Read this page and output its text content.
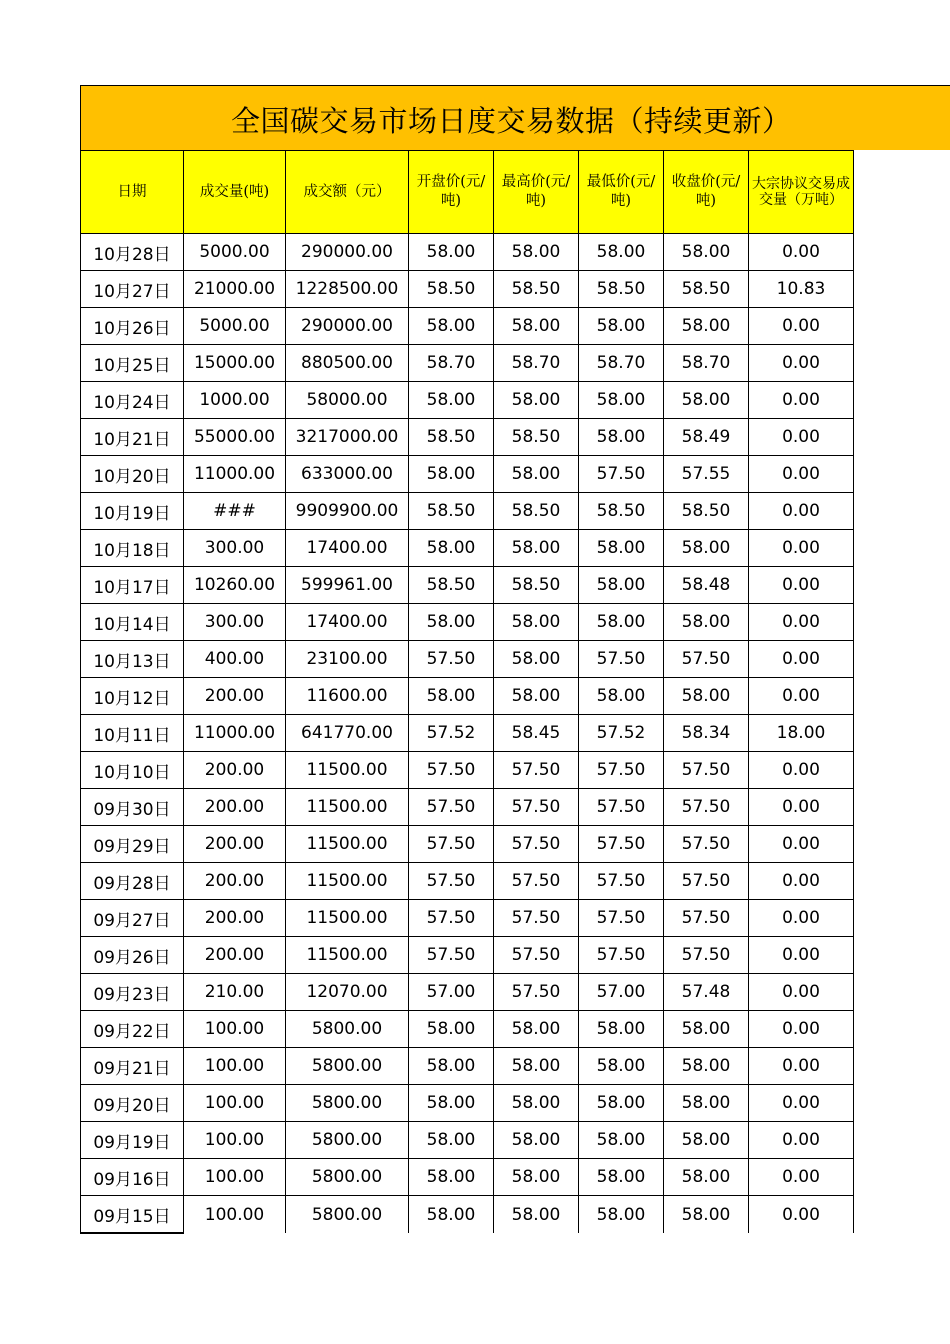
全国碳交易市场日度交易数据（持续更新）
日期	成交量(吨)	成交额（元）	开盘价(元/吨)	最高价(元/吨)	最低价(元/吨)	收盘价(元/吨)	大宗协议交易成交量（万吨）
10月28日	5000.00	290000.00	58.00	58.00	58.00	58.00	0.00
10月27日	21000.00	1228500.00	58.50	58.50	58.50	58.50	10.83
10月26日	5000.00	290000.00	58.00	58.00	58.00	58.00	0.00
10月25日	15000.00	880500.00	58.70	58.70	58.70	58.70	0.00
10月24日	1000.00	58000.00	58.00	58.00	58.00	58.00	0.00
10月21日	55000.00	3217000.00	58.50	58.50	58.00	58.49	0.00
10月20日	11000.00	633000.00	58.00	58.00	57.50	57.55	0.00
10月19日	###	9909900.00	58.50	58.50	58.50	58.50	0.00
10月18日	300.00	17400.00	58.00	58.00	58.00	58.00	0.00
10月17日	10260.00	599961.00	58.50	58.50	58.00	58.48	0.00
10月14日	300.00	17400.00	58.00	58.00	58.00	58.00	0.00
10月13日	400.00	23100.00	57.50	58.00	57.50	57.50	0.00
10月12日	200.00	11600.00	58.00	58.00	58.00	58.00	0.00
10月11日	11000.00	641770.00	57.52	58.45	57.52	58.34	18.00
10月10日	200.00	11500.00	57.50	57.50	57.50	57.50	0.00
09月30日	200.00	11500.00	57.50	57.50	57.50	57.50	0.00
09月29日	200.00	11500.00	57.50	57.50	57.50	57.50	0.00
09月28日	200.00	11500.00	57.50	57.50	57.50	57.50	0.00
09月27日	200.00	11500.00	57.50	57.50	57.50	57.50	0.00
09月26日	200.00	11500.00	57.50	57.50	57.50	57.50	0.00
09月23日	210.00	12070.00	57.00	57.50	57.00	57.48	0.00
09月22日	100.00	5800.00	58.00	58.00	58.00	58.00	0.00
09月21日	100.00	5800.00	58.00	58.00	58.00	58.00	0.00
09月20日	100.00	5800.00	58.00	58.00	58.00	58.00	0.00
09月19日	100.00	5800.00	58.00	58.00	58.00	58.00	0.00
09月16日	100.00	5800.00	58.00	58.00	58.00	58.00	0.00
09月15日	100.00	5800.00	58.00	58.00	58.00	58.00	0.00
